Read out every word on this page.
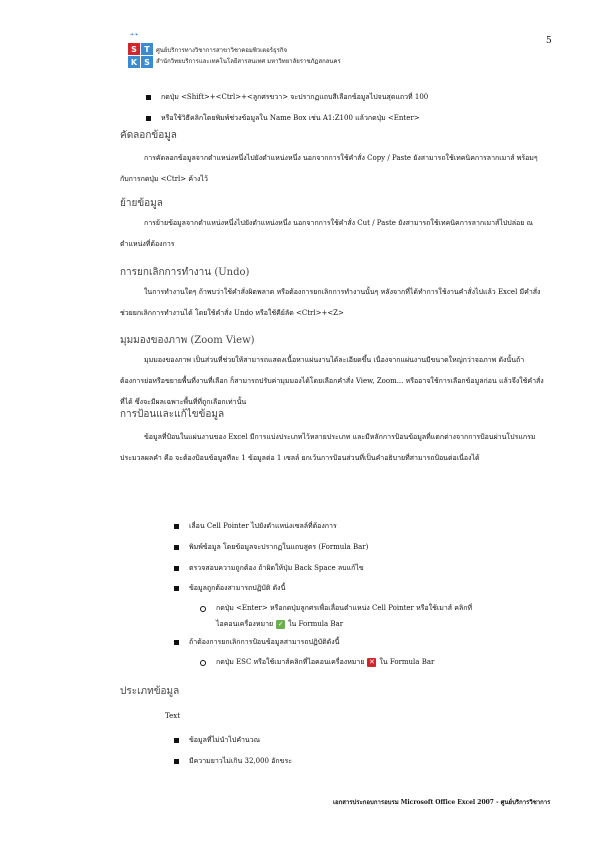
5
❧❧
S T
K S
ศูนย์บริการทางวิชาการสาขาวิชาคอมพิวเตอร์ธุรกิจ
สำนักวิทยบริการและเทคโนโลยีสารสนเทศ มหาวิทยาลัยราชภัฏสกลนคร
กดปุ่ม <Shift>+<Ctrl>+<ลูกศรขวา> จะปรากฏแถบสีเลือกข้อมูลไปจนสุดแถวที่ 100
หรือใช้วิธีคลิกโดยพิมพ์ช่วงข้อมูลใน Name Box เช่น A1:Z100 แล้วกดปุ่ม <Enter>
คัดลอกข้อมูล
การคัดลอกข้อมูลจากตำแหน่งหนึ่งไปยังตำแหน่งหนึ่ง นอกจากการใช้คำสั่ง Copy / Paste ยังสามารถใช้เทคนิคการลากเมาส์ พร้อมๆ กับการกดปุ่ม <Ctrl> ค้างไว้
ย้ายข้อมูล
การย้ายข้อมูลจากตำแหน่งหนึ่งไปยังตำแหน่งหนึ่ง นอกจากการใช้คำสั่ง Cut / Paste ยังสามารถใช้เทคนิคการลากเมาส์ไปปล่อย ณ ตำแหน่งที่ต้องการ
การยกเลิกการทำงาน (Undo)
ในการทำงานใดๆ ถ้าพบว่าใช้คำสั่งผิดพลาด หรือต้องการยกเลิกการทำงานนั้นๆ หลังจากที่ได้ทำการใช้งานคำสั่งไปแล้ว Excel มีคำสั่งช่วยยกเลิกการทำงานได้ โดยใช้คำสั่ง Undo หรือใช้คีย์ลัด <Ctrl>+<Z>
มุมมองของภาพ (Zoom View)
มุมมองของภาพ เป็นส่วนที่ช่วยให้สามารถแสดงเนื้อหาแผ่นงานได้ละเอียดขึ้น เนื่องจากแผ่นงานมีขนาดใหญ่กว่าจอภาพ ดังนั้นถ้าต้องการย่อหรือขยายพื้นที่งานที่เลือก ก็สามารถปรับค่ามุมมองได้โดยเลือกคำสั่ง View, Zoom... หรืออาจใช้การเลือกข้อมูลก่อน แล้วจึงใช้คำสั่งที่ได้ ซึ่งจะมีผลเฉพาะพื้นที่ที่ถูกเลือกเท่านั้น
การป้อนและแก้ไขข้อมูล
ข้อมูลที่ป้อนในแผ่นงานของ Excel มีการแบ่งประเภทไว้หลายประเภท และมีหลักการป้อนข้อมูลที่แตกต่างจากการป้อนผ่านโปรแกรมประมวลผลคำ คือ จะต้องป้อนข้อมูลทีละ 1 ข้อมูลต่อ 1 เซลล์ ยกเว้นการป้อนส่วนที่เป็นคำอธิบายที่สามารถป้อนต่อเนื่องได้
เลื่อน Cell Pointer ไปยังตำแหน่งเซลล์ที่ต้องการ
พิมพ์ข้อมูล โดยข้อมูลจะปรากฏในแถบสูตร (Formula Bar)
ตรวจสอบความถูกต้อง ถ้าผิดให้ปุ่ม Back Space ลบแก้ไข
ข้อมูลถูกต้องสามารถปฏิบัติ ดังนี้
กดปุ่ม <Enter> หรือกดปุ่มลูกศรเพื่อเลื่อนตำแหน่ง Cell Pointer หรือใช้เมาส์ คลิกที่
ไอคอนเครื่องหมาย ✓ ใน Formula Bar
ถ้าต้องการยกเลิกการป้อนข้อมูลสามารถปฏิบัติดังนี้
กดปุ่ม ESC หรือใช้เมาส์คลิกที่ไอคอนเครื่องหมาย ✕ ใน Formula Bar
ประเภทข้อมูล
Text
ข้อมูลที่ไม่นำไปคำนวณ
มีความยาวไม่เกิน 32,000 อักขระ
เอกสารประกอบการอบรม Microsoft Office Excel 2007 - ศูนย์บริการวิชาการ
